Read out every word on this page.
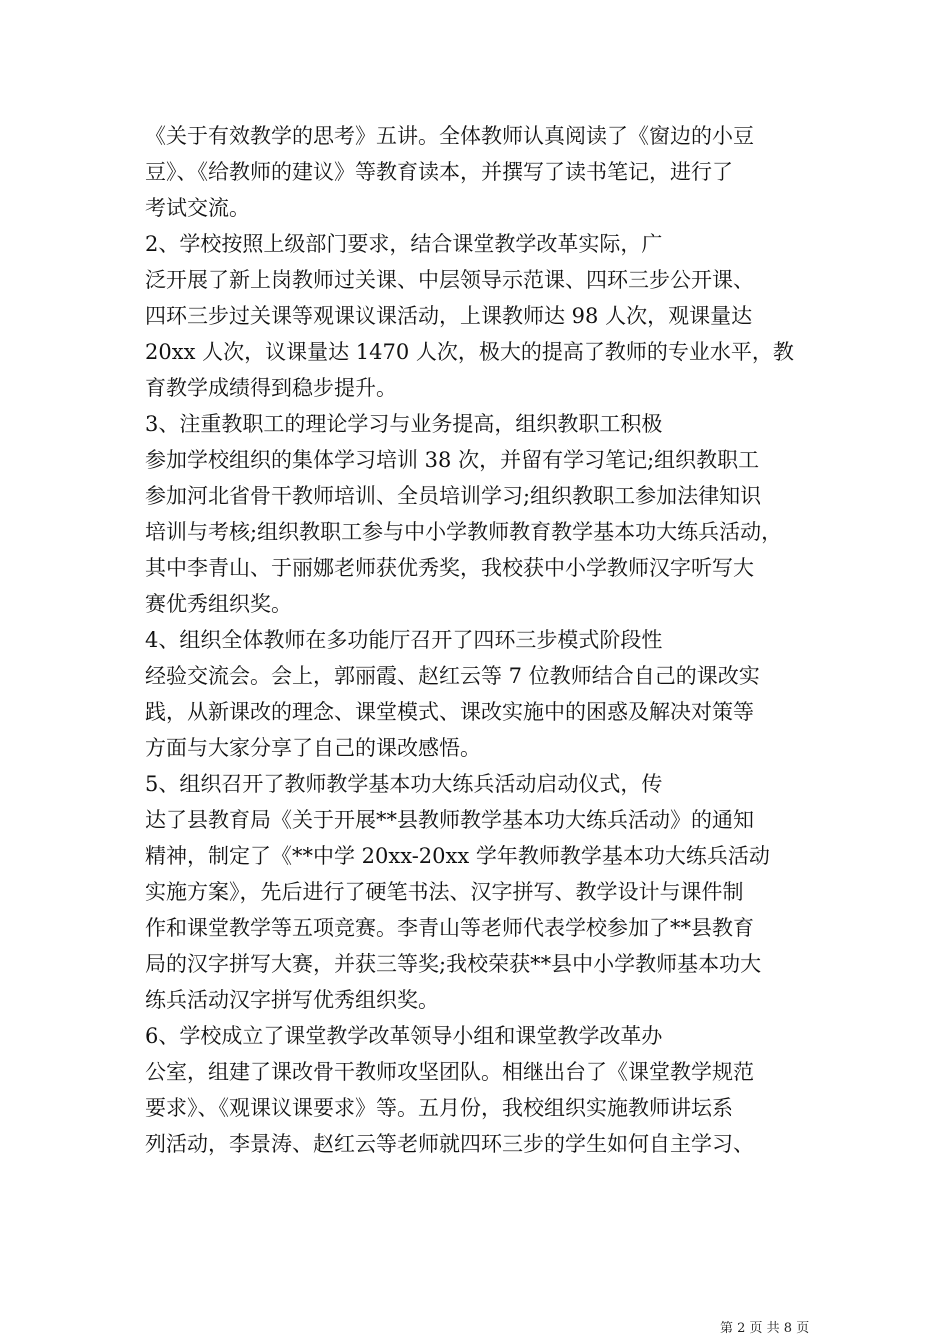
《关于有效教学的思考》五讲。全体教师认真阅读了《窗边的小豆
豆》、《给教师的建议》等教育读本，并撰写了读书笔记，进行了
考试交流。
2、学校按照上级部门要求，结合课堂教学改革实际，广
泛开展了新上岗教师过关课、中层领导示范课、四环三步公开课、
四环三步过关课等观课议课活动，上课教师达 98 人次，观课量达
20xx 人次，议课量达 1470 人次，极大的提高了教师的专业水平，教
育教学成绩得到稳步提升。
3、注重教职工的理论学习与业务提高，组织教职工积极
参加学校组织的集体学习培训 38 次，并留有学习笔记;组织教职工
参加河北省骨干教师培训、全员培训学习;组织教职工参加法律知识
培训与考核;组织教职工参与中小学教师教育教学基本功大练兵活动，
其中李青山、于丽娜老师获优秀奖，我校获中小学教师汉字听写大
赛优秀组织奖。
4、组织全体教师在多功能厅召开了四环三步模式阶段性
经验交流会。会上，郭丽霞、赵红云等 7 位教师结合自己的课改实
践，从新课改的理念、课堂模式、课改实施中的困惑及解决对策等
方面与大家分享了自己的课改感悟。
5、组织召开了教师教学基本功大练兵活动启动仪式，传
达了县教育局《关于开展**县教师教学基本功大练兵活动》的通知
精神，制定了《**中学 20xx-20xx 学年教师教学基本功大练兵活动
实施方案》，先后进行了硬笔书法、汉字拼写、教学设计与课件制
作和课堂教学等五项竞赛。李青山等老师代表学校参加了**县教育
局的汉字拼写大赛，并获三等奖;我校荣获**县中小学教师基本功大
练兵活动汉字拼写优秀组织奖。
6、学校成立了课堂教学改革领导小组和课堂教学改革办
公室，组建了课改骨干教师攻坚团队。相继出台了《课堂教学规范
要求》、《观课议课要求》等。五月份，我校组织实施教师讲坛系
列活动，李景涛、赵红云等老师就四环三步的学生如何自主学习、
第 2 页 共 8 页
